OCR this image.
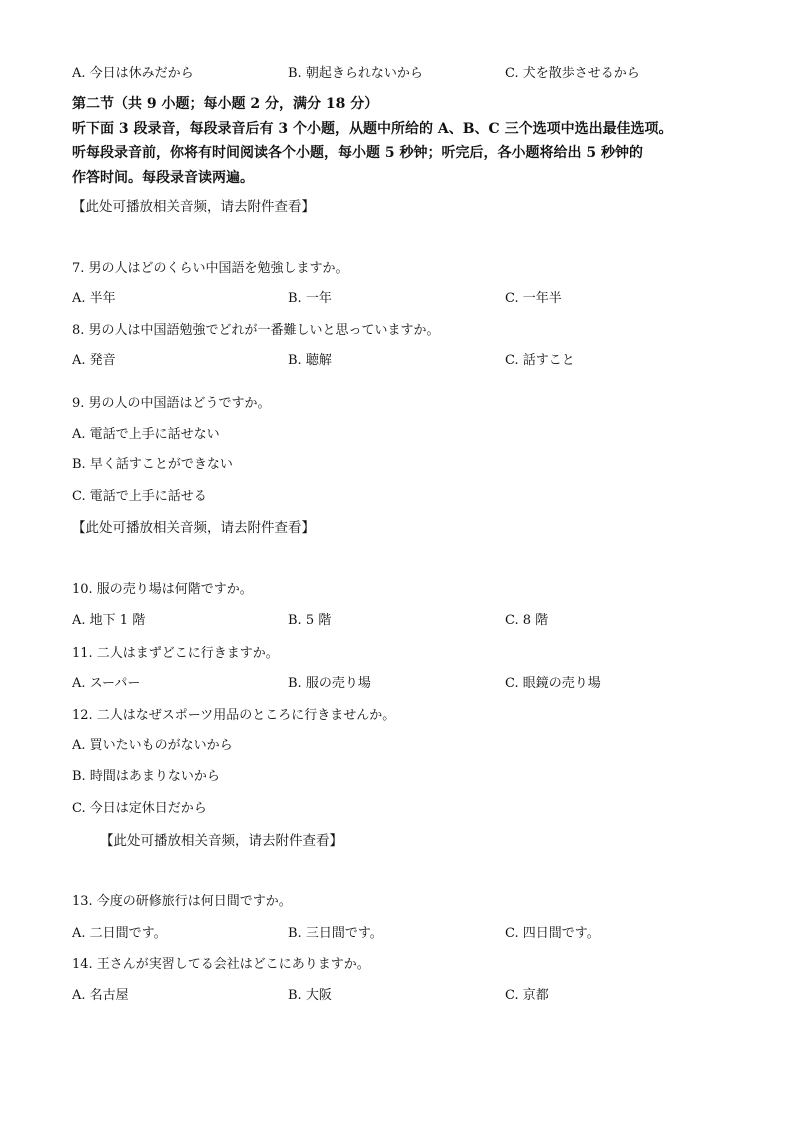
A. 今日は休みだから	B. 朝起きられないから	C. 犬を散歩させるから
第二节（共 9 小题；每小题 2 分，满分 18 分）
听下面 3 段录音，每段录音后有 3 个小题，从题中所给的 A、B、C 三个选项中选出最佳选项。
听每段录音前，你将有时间阅读各个小题，每小题 5 秒钟；听完后，各小题将给出 5 秒钟的
作答时间。每段录音读两遍。
【此处可播放相关音频，请去附件查看】
7. 男の人はどのくらい中国語を勉強しますか。
A. 半年	B. 一年	C. 一年半
8. 男の人は中国語勉強でどれが一番難しいと思っていますか。
A. 発音	B. 聴解	C. 話すこと
9. 男の人の中国語はどうですか。
A. 電話で上手に話せない
B. 早く話すことができない
C. 電話で上手に話せる
【此处可播放相关音频，请去附件查看】
10. 服の売り場は何階ですか。
A. 地下 1 階	B. 5 階	C. 8 階
11. 二人はまずどこに行きますか。
A. スーパー	B. 服の売り場	C. 眼鏡の売り場
12. 二人はなぜスポーツ用品のところに行きませんか。
A. 買いたいものがないから
B. 時間はあまりないから
C. 今日は定休日だから
【此处可播放相关音频，请去附件查看】
13. 今度の研修旅行は何日間ですか。
A. 二日間です。	B. 三日間です。	C. 四日間です。
14. 王さんが実習してる会社はどこにありますか。
A. 名古屋	B. 大阪	C. 京都
